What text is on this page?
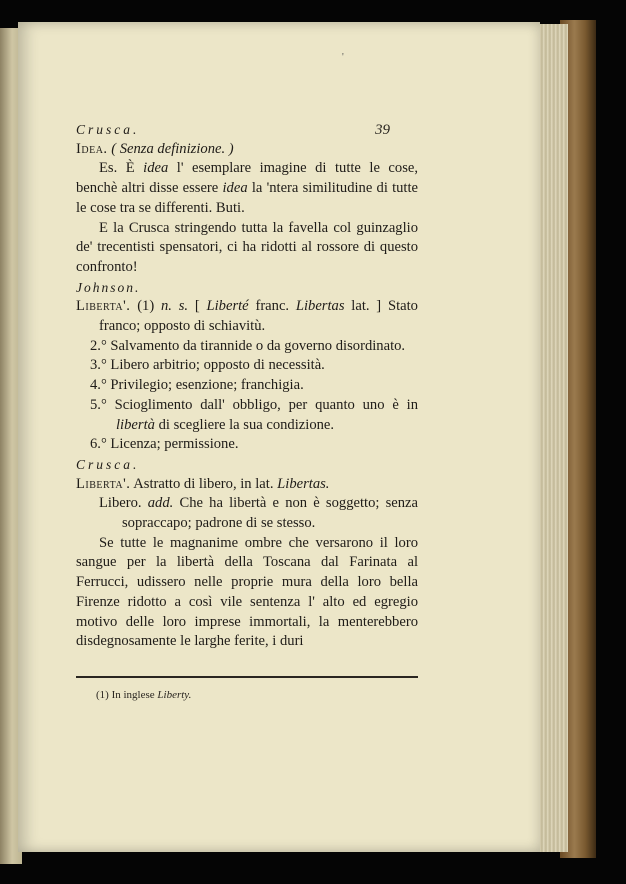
'
39

Crusca.

Idea. ( Senza definizione. )

Es. È idea l' esemplare imagine di tutte le cose, benchè altri disse essere idea la 'ntera similitudine di tutte le cose tra se differenti. Buti.

E la Crusca stringendo tutta la favella col guinzaglio de' trecentisti spensatori, ci ha ridotti al rossore di questo confronto!

Johnson.

Liberta'. (1) n. s. [ Liberté franc. Libertas lat. ] Stato franco; opposto di schiavitù.

2.° Salvamento da tirannide o da governo disordinato.

3.° Libero arbitrio; opposto di necessità.

4.° Privilegio; esenzione; franchigia.

5.° Scioglimento dall' obbligo, per quanto uno è in libertà di scegliere la sua condizione.

6.° Licenza; permissione.

Crusca.

Liberta'. Astratto di libero, in lat. Libertas.

Libero. add. Che ha libertà e non è soggetto; senza sopraccapo; padrone di se stesso.

Se tutte le magnanime ombre che versarono il loro sangue per la libertà della Toscana dal Farinata al Ferrucci, udissero nelle proprie mura della loro bella Firenze ridotto a così vile sentenza l' alto ed egregio motivo delle loro imprese immortali, la menterebbero disdegnosamente le larghe ferite, i duri

(1) In inglese Liberty.
